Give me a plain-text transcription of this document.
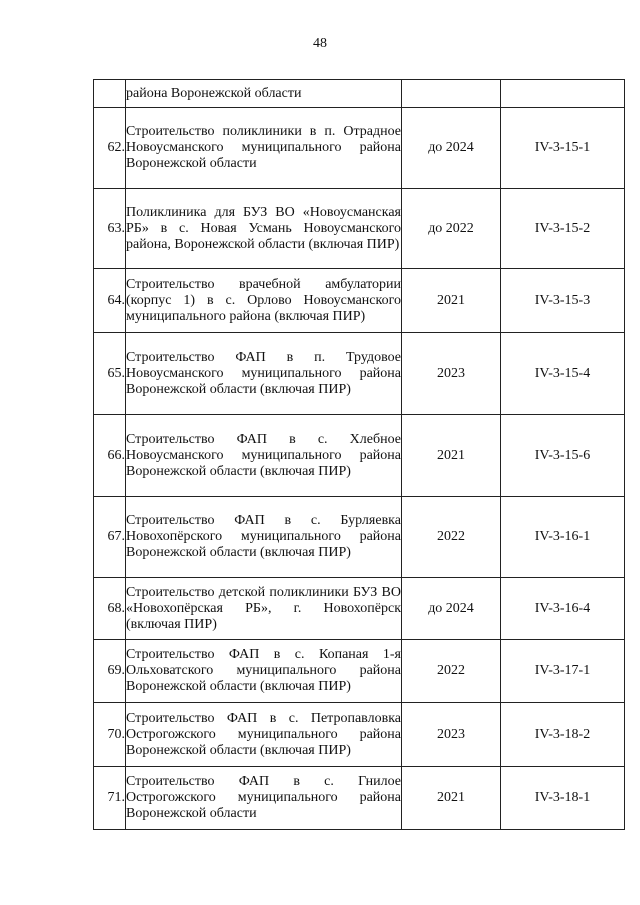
48
	района Воронежской области		
62.	Строительство поликлиники в п. Отрадное Новоусманского муниципального района Воронежской области	до 2024	IV-3-15-1
63.	Поликлиника для БУЗ ВО «Новоусманская РБ» в с. Новая Усмань Новоусманского района, Воронежской области (включая ПИР)	до 2022	IV-3-15-2
64.	Строительство врачебной амбулатории (корпус 1) в с. Орлово Новоусманского муниципального района (включая ПИР)	2021	IV-3-15-3
65.	Строительство ФАП в п. Трудовое Новоусманского муниципального района Воронежской области (включая ПИР)	2023	IV-3-15-4
66.	Строительство ФАП в с. Хлебное Новоусманского муниципального района Воронежской области (включая ПИР)	2021	IV-3-15-6
67.	Строительство ФАП в с. Бурляевка Новохопёрского муниципального района Воронежской области (включая ПИР)	2022	IV-3-16-1
68.	Строительство детской поликлиники БУЗ ВО «Новохопёрская РБ», г. Новохопёрск (включая ПИР)	до 2024	IV-3-16-4
69.	Строительство ФАП в с. Копаная 1-я Ольховатского муниципального района Воронежской области (включая ПИР)	2022	IV-3-17-1
70.	Строительство ФАП в с. Петропавловка Острогожского муниципального района Воронежской области (включая ПИР)	2023	IV-3-18-2
71.	Строительство ФАП в с. Гнилое Острогожского муниципального района Воронежской области	2021	IV-3-18-1
